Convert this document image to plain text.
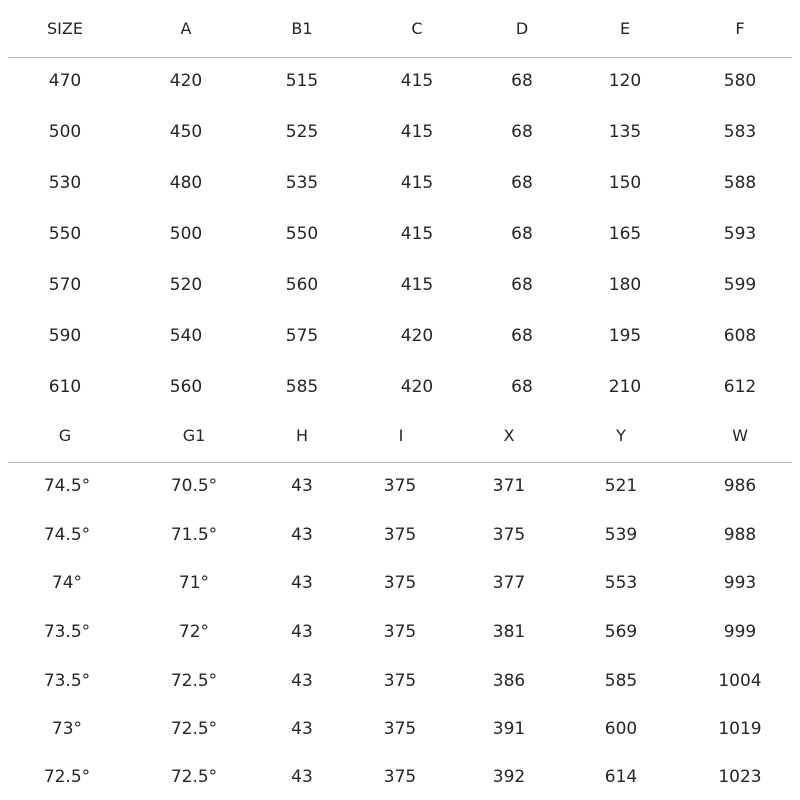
SIZE	A	B1	C	D	E	F
470	420	515	415	68	120	580
500	450	525	415	68	135	583
530	480	535	415	68	150	588
550	500	550	415	68	165	593
570	520	560	415	68	180	599
590	540	575	420	68	195	608
610	560	585	420	68	210	612
G	G1	H	I	X	Y	W
74.5°	70.5°	43	375	371	521	986
74.5°	71.5°	43	375	375	539	988
74°	71°	43	375	377	553	993
73.5°	72°	43	375	381	569	999
73.5°	72.5°	43	375	386	585	1004
73°	72.5°	43	375	391	600	1019
72.5°	72.5°	43	375	392	614	1023
